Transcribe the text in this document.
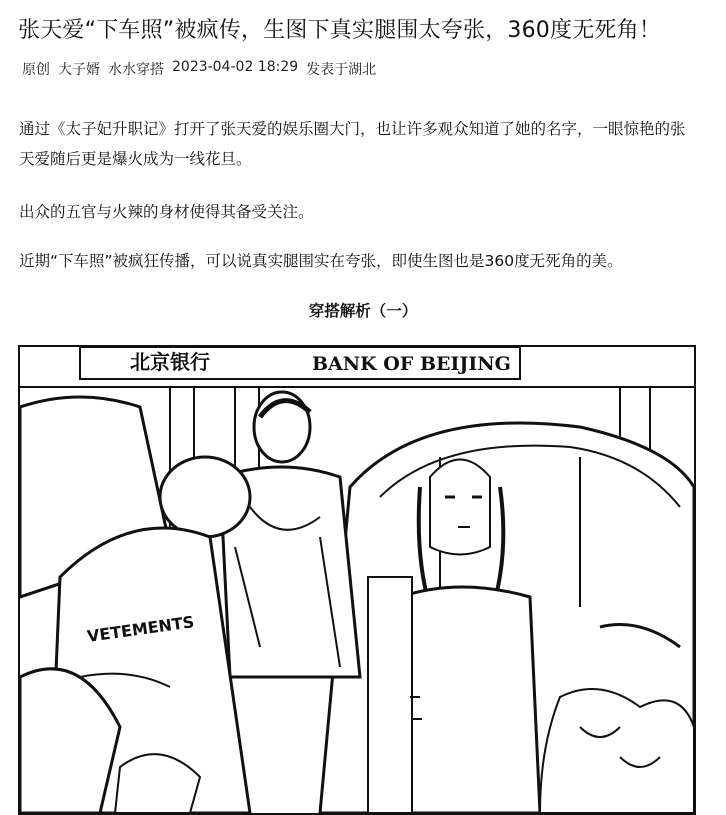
张天爱“下车照”被疯传，生图下真实腿围太夸张，360度无死角！
原创 大子婿 水水穿搭 2023-04-02 18:29 发表于湖北

通过《太子妃升职记》打开了张天爱的娱乐圈大门，也让许多观众知道了她的名字，一眼惊艳的张天爱随后更是爆火成为一线花旦。

出众的五官与火辣的身材使得其备受关注。

近期“下车照”被疯狂传播，可以说真实腿围实在夸张，即使生图也是360度无死角的美。

穿搭解析（一）
北京银行	BANK OF BEIJING
VETEMENTS
